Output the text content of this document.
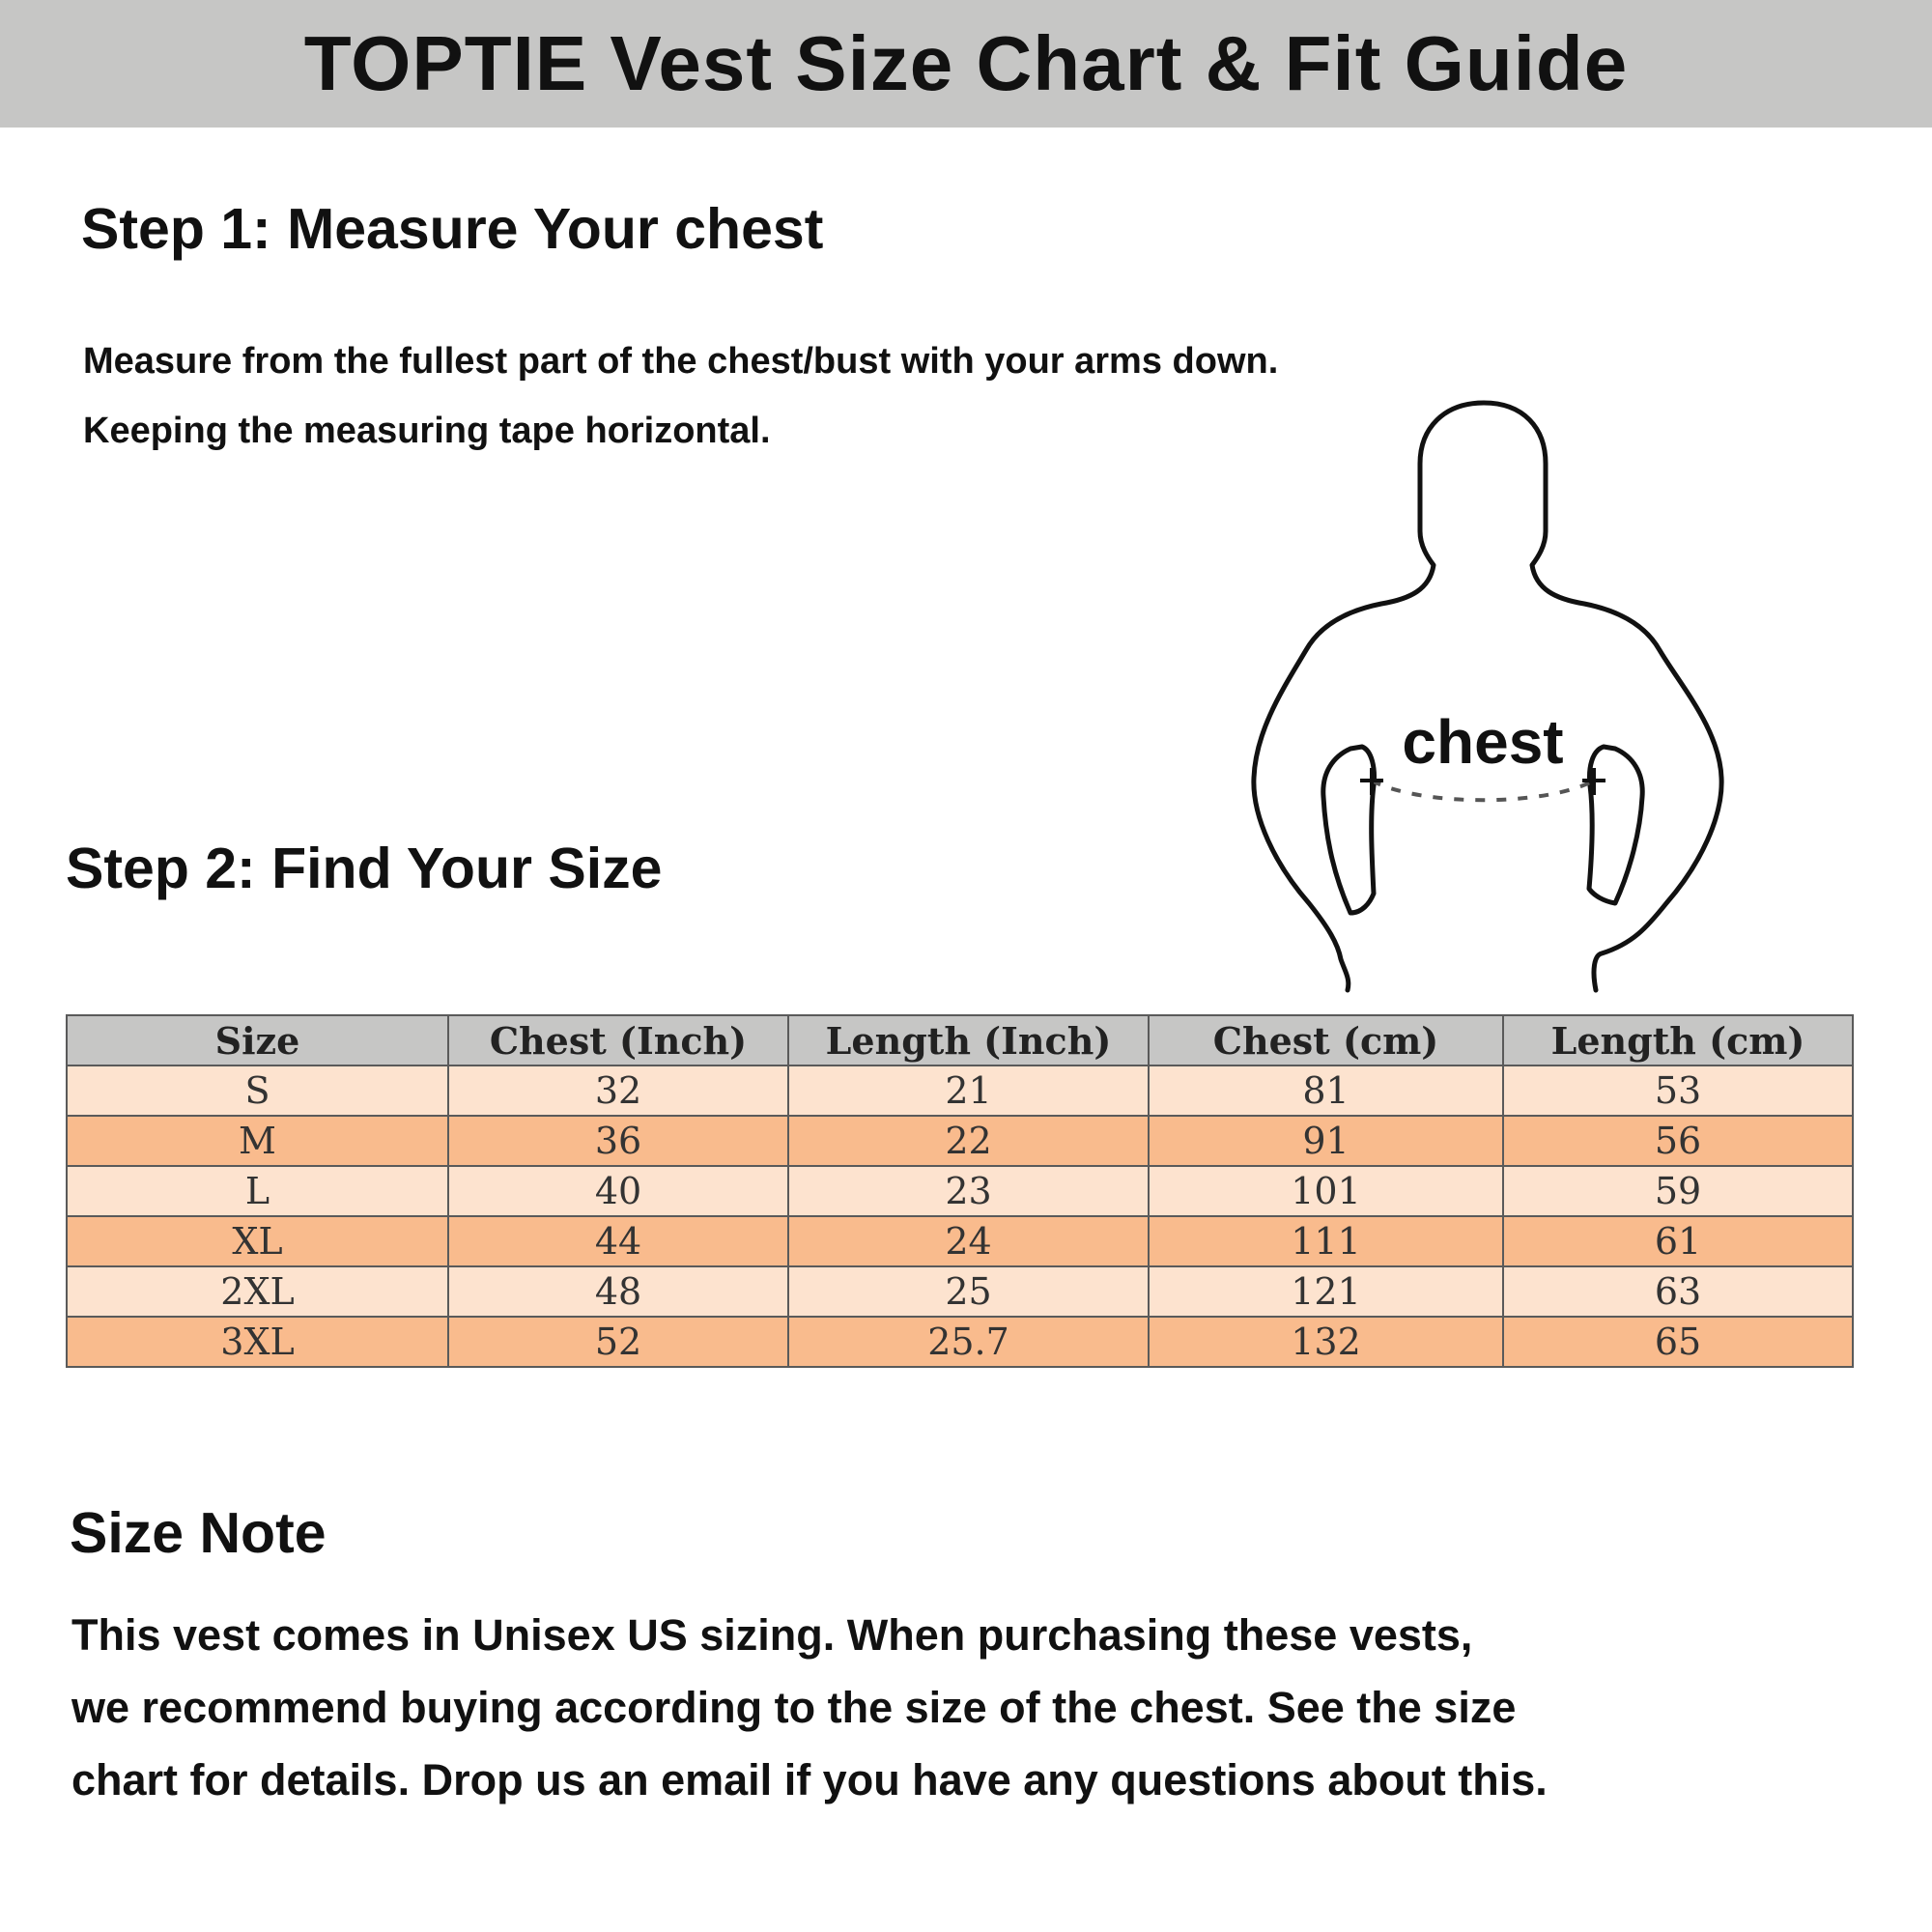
TOPTIE Vest Size Chart & Fit Guide
Step 1: Measure Your chest

Measure from the fullest part of the chest/bust with your arms down.

Keeping the measuring tape horizontal.

chest
Step 2: Find Your Size
Size	Chest (Inch)	Length (Inch)	Chest (cm)	Length (cm)
S	32	21	81	53
M	36	22	91	56
L	40	23	101	59
XL	44	24	111	61
2XL	48	25	121	63
3XL	52	25.7	132	65
Size Note

This vest comes in Unisex US sizing. When purchasing these vests,

we recommend buying according to the size of the chest. See the size

chart for details. Drop us an email if you have any questions about this.
